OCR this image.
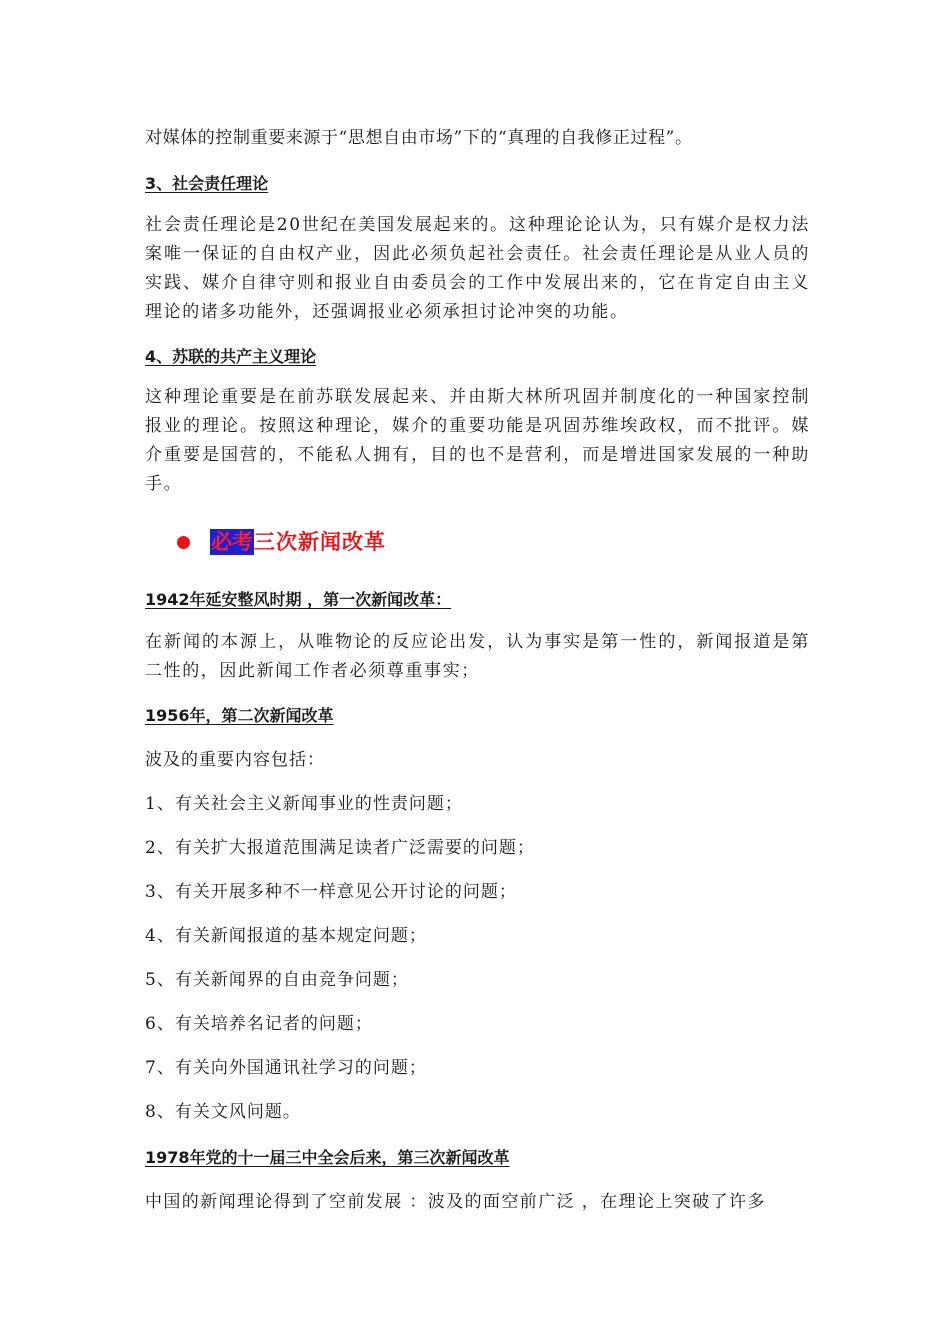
对媒体的控制重要来源于“思想自由市场”下的“真理的自我修正过程”。
3、社会责任理论
社会责任理论是20世纪在美国发展起来的。这种理论论认为，只有媒介是权力法案唯一保证的自由权产业，因此必须负起社会责任。社会责任理论是从业人员的实践、媒介自律守则和报业自由委员会的工作中发展出来的，它在肯定自由主义理论的诸多功能外，还强调报业必须承担讨论冲突的功能。
4、苏联的共产主义理论
这种理论重要是在前苏联发展起来、并由斯大林所巩固并制度化的一种国家控制报业的理论。按照这种理论，媒介的重要功能是巩固苏维埃政权，而不批评。媒介重要是国营的，不能私人拥有，目的也不是营利，而是增进国家发展的一种助手。
必考 三次新闻改革
1942年延安整风时期 ，第一次新闻改革：
在新闻的本源上，从唯物论的反应论出发，认为事实是第一性的，新闻报道是第二性的，因此新闻工作者必须尊重事实；
1956年，第二次新闻改革
波及的重要内容包括：
1、有关社会主义新闻事业的性责问题；
2、有关扩大报道范围满足读者广泛需要的问题；
3、有关开展多种不一样意见公开讨论的问题；
4、有关新闻报道的基本规定问题；
5、有关新闻界的自由竞争问题；
6、有关培养名记者的问题；
7、有关向外国通讯社学习的问题；
8、有关文风问题。
1978年党的十一届三中全会后来，第三次新闻改革
中国的新闻理论得到了空前发展 ：波及的面空前广泛 ，在理论上突破了许多
